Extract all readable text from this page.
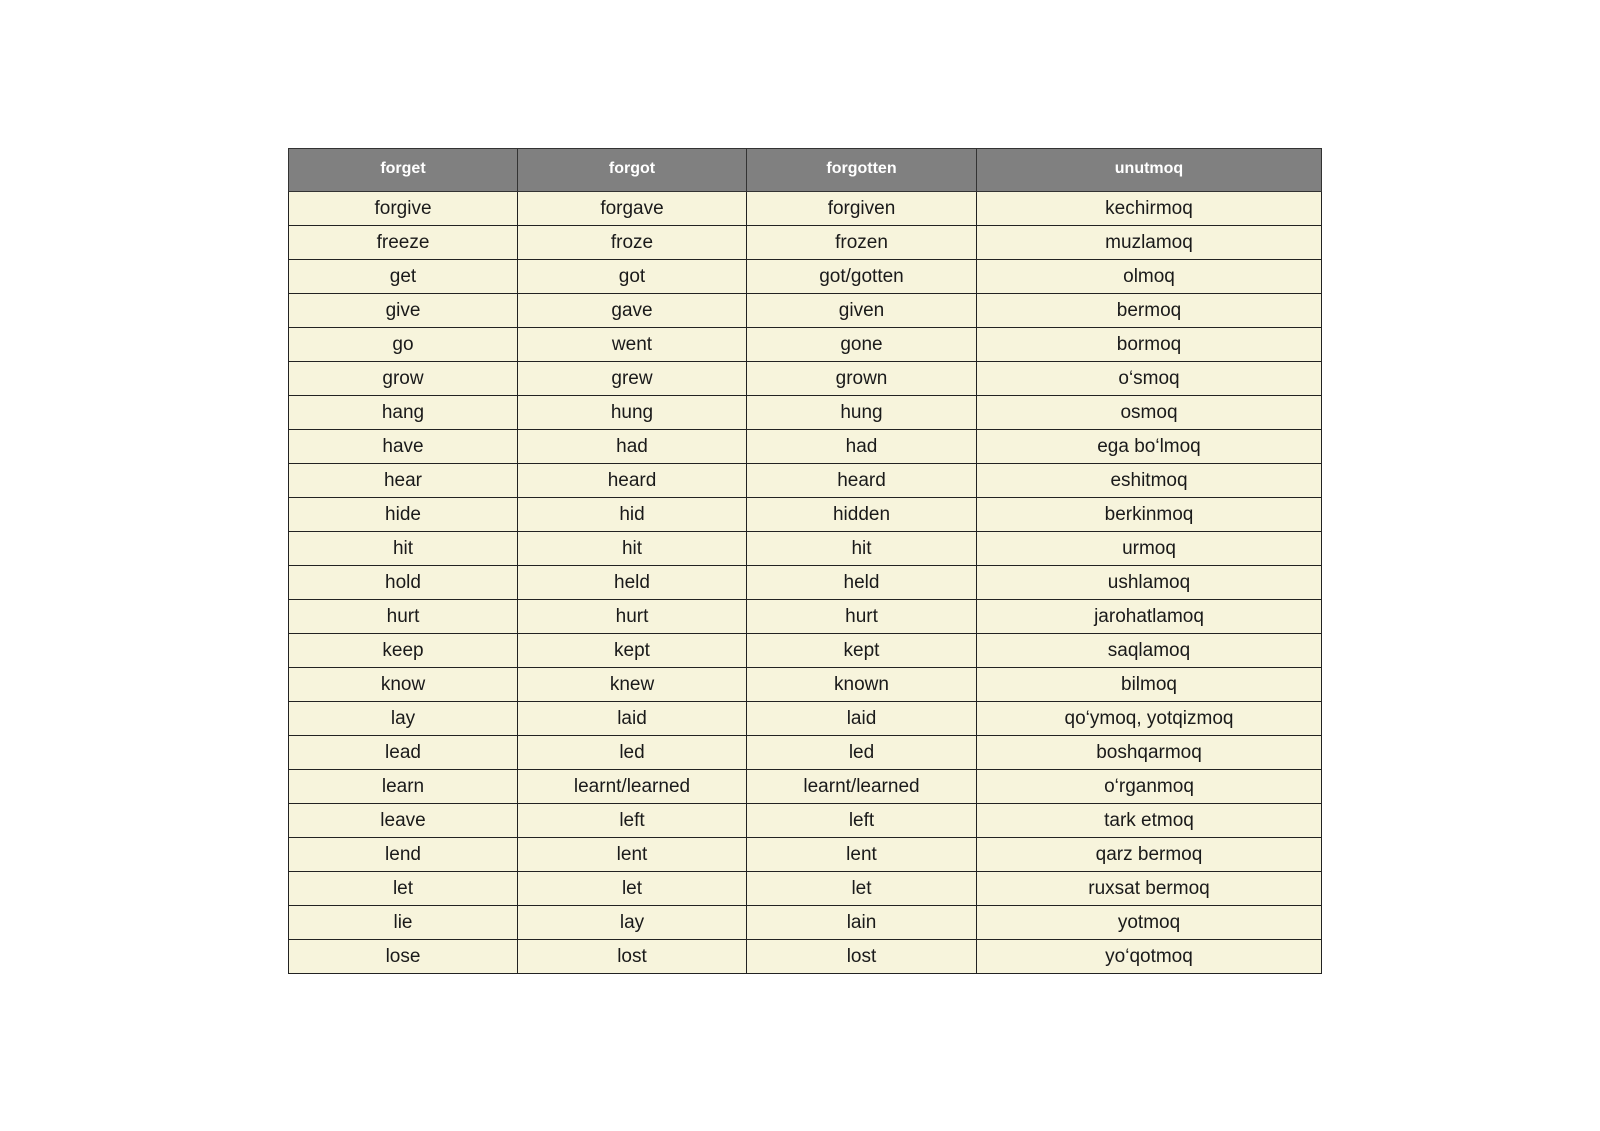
forget	forgot	forgotten	unutmoq
forgive	forgave	forgiven	kechirmoq
freeze	froze	frozen	muzlamoq
get	got	got/gotten	olmoq
give	gave	given	bermoq
go	went	gone	bormoq
grow	grew	grown	o‘smoq
hang	hung	hung	osmoq
have	had	had	ega bo‘lmoq
hear	heard	heard	eshitmoq
hide	hid	hidden	berkinmoq
hit	hit	hit	urmoq
hold	held	held	ushlamoq
hurt	hurt	hurt	jarohatlamoq
keep	kept	kept	saqlamoq
know	knew	known	bilmoq
lay	laid	laid	qo‘ymoq, yotqizmoq
lead	led	led	boshqarmoq
learn	learnt/learned	learnt/learned	o‘rganmoq
leave	left	left	tark etmoq
lend	lent	lent	qarz bermoq
let	let	let	ruxsat bermoq
lie	lay	lain	yotmoq
lose	lost	lost	yo‘qotmoq
